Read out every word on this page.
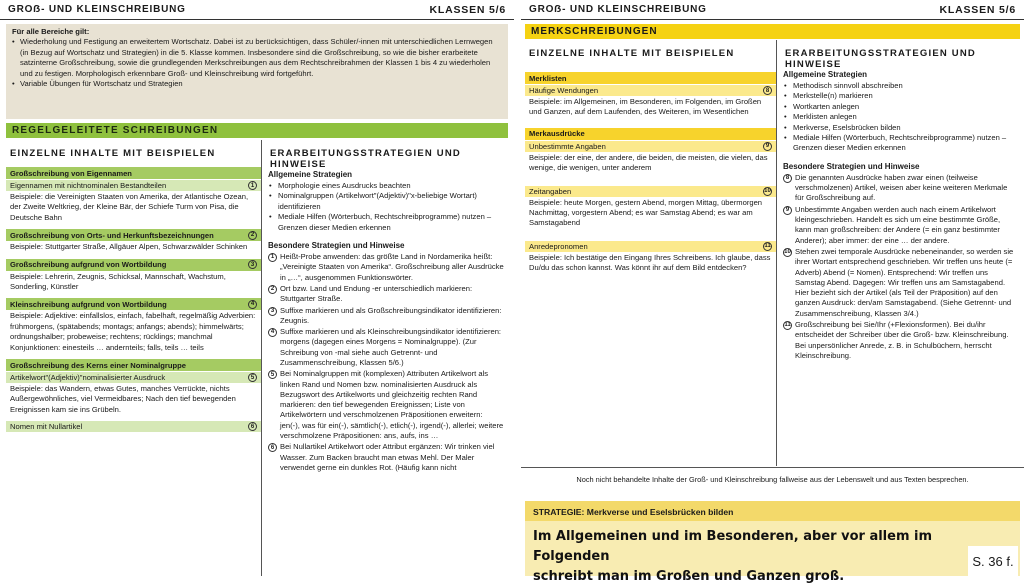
GROẞ- UND KLEINSCHREIBUNG	KLASSEN 5/6
Für alle Bereiche gilt:
• Wiederholung und Festigung an erweitertem Wortschatz. Dabei ist zu berücksichtigen, dass Schüler/-innen mit unterschiedlichen Lernwegen (in Bezug auf Wortschatz und Strategien) in die 5. Klasse kommen. Insbesondere sind die Großschreibung, so wie die bisher erarbeitete satzinterne Großschreibung, sowie die grundlegenden Merkschreibungen aus dem Rechtschreibrahmen der Klassen 1 bis 4 zu wiederholen und zu festigen. Morphologisch erkennbare Groß- und Kleinschreibung wird fortgeführt.
• Variable Übungen für Wortschatz und Strategien
REGELGELEITETE SCHREIBUNGEN
EINZELNE INHALTE MIT BEISPIELEN
Großschreibung von Eigennamen
Eigennamen mit nichtnominalen Bestandteilen	1
Beispiele: die Vereinigten Staaten von Amerika, der Atlantische Ozean, der Zweite Weltkrieg, der Kleine Bär, der Schiefe Turm von Pisa, die Deutsche Bahn
Großschreibung von Orts- und Herkunftsbezeichnungen	2
Beispiele: Stuttgarter Straße, Allgäuer Alpen, Schwarzwälder Schinken
Großschreibung aufgrund von Wortbildung	3
Beispiele: Lehrerin, Zeugnis, Schicksal, Mannschaft, Wachstum, Sonderling, Künstler
Kleinschreibung aufgrund von Wortbildung	4
Beispiele: Adjektive: einfallslos, einfach, fabelhaft, regelmäßig Adverbien: frühmorgens, (spätabends; montags; anfangs; abends); himmelwärts; ordnungshalber; probeweise; rechtens; rücklings; manchmal Konjunktionen: einesteils … andernteils; falls, teils … teils
Großschreibung des Kerns einer Nominalgruppe
Artikelwort"(Adjektiv)"nominalisierter Ausdruck	5
Beispiele: das Wandern, etwas Gutes, manches Verrückte, nichts Außergewöhnliches, viel Vermeidbares; Nach den tief bewegenden Ereignissen kam sie ins Grübeln.
Nomen mit Nullartikel	6
ERARBEITUNGSSTRATEGIEN UND HINWEISE
Allgemeine Strategien
• Morphologie eines Ausdrucks beachten
• Nominalgruppen (Artikelwort"(Adjektiv)"x-beliebige Wortart) identifizieren
• Mediale Hilfen (Wörterbuch, Rechtschreibprogramme) nutzen – Grenzen dieser Medien erkennen
Besondere Strategien und Hinweise
1 Heißt-Probe anwenden: das größte Land in Nordamerika heißt: „Vereinigte Staaten von Amerika“. Großschreibung aller Ausdrücke in „…“, ausgenommen Funktionswörter.
2 Ort bzw. Land und Endung -er unterschiedlich markieren: Stuttgarter Straße.
3 Suffixe markieren und als Großschreibungsindikator identifizieren: Zeugnis.
4 Suffixe markieren und als Kleinschreibungsindikator identifizieren: morgens (dagegen eines Morgens = Nominalgruppe). (Zur Schreibung von -mal siehe auch Getrennt- und Zusammenschreibung, Klassen 5/6.)
5 Bei Nominalgruppen mit (komplexen) Attributen Artikelwort als linken Rand und Nomen bzw. nominalisierten Ausdruck als Bezugswort des Artikelworts und gleichzeitig rechten Rand markieren: den tief bewegenden Ereignissen; Liste von Artikelwörtern und verschmolzenen Präpositionen erweitern: jen(-), was für ein(-), sämtlich(-), etlich(-), irgend(-), allerlei; weitere verschmolzene Präpositionen: ans, aufs, ins …
6 Bei Nullartikel Artikelwort oder Attribut ergänzen: Wir trinken viel Wasser. Zum Backen braucht man etwas Mehl. Der Maler verwendet gerne ein dunkles Rot. (Häufig kann nicht
GROẞ- UND KLEINSCHREIBUNG	KLASSEN 5/6
MERKSCHREIBUNGEN
EINZELNE INHALTE MIT BEISPIELEN
Merklisten
Häufige Wendungen	8
Beispiele: im Allgemeinen, im Besonderen, im Folgenden, im Großen und Ganzen, auf dem Laufenden, des Weiteren, im Wesentlichen
Merkausdrücke
Unbestimmte Angaben	9
Beispiele: der eine, der andere, die beiden, die meisten, die vielen, das wenige, die wenigen, unter anderem
Zeitangaben	10
Beispiele: heute Morgen, gestern Abend, morgen Mittag, übermorgen Nachmittag, vorgestern Abend; es war Samstag Abend; es war am Samstagabend
Anredepronomen	11
Beispiele: Ich bestätige den Eingang Ihres Schreibens. Ich glaube, dass Du/du das schon kannst. Was könnt ihr auf dem Bild entdecken?
ERARBEITUNGSSTRATEGIEN UND HINWEISE
Allgemeine Strategien
• Methodisch sinnvoll abschreiben
• Merkstelle(n) markieren
• Wortkarten anlegen
• Merklisten anlegen
• Merkverse, Eselsbrücken bilden
• Mediale Hilfen (Wörterbuch, Rechtschreibprogramme) nutzen – Grenzen dieser Medien erkennen
Besondere Strategien und Hinweise
8 Die genannten Ausdrücke haben zwar einen (teilweise verschmolzenen) Artikel, weisen aber keine weiteren Merkmale für Großschreibung auf.
9 Unbestimmte Angaben werden auch nach einem Artikelwort kleingeschrieben. Handelt es sich um eine bestimmte Größe, kann man großschreiben: der Andere (= ein ganz bestimmter Anderer); aber immer: der eine … der andere.
10 Stehen zwei temporale Ausdrücke nebeneinander, so werden sie ihrer Wortart entsprechend geschrieben. Wir treffen uns heute (= Adverb) Abend (= Nomen). Entsprechend: Wir treffen uns Samstag Abend. Dagegen: Wir treffen uns am Samstagabend. Hier bezieht sich der Artikel (als Teil der Präposition) auf den ganzen Ausdruck: den/am Samstagabend. (Siehe Getrennt- und Zusammenschreibung, Klassen 3/4.)
11 Großschreibung bei Sie/Ihr (+Flexionsformen). Bei du/ihr entscheidet der Schreiber über die Groß- bzw. Kleinschreibung. Bei unpersönlicher Anrede, z. B. in Schulbüchern, herrscht Kleinschreibung.
Noch nicht behandelte Inhalte der Groß- und Kleinschreibung fallweise aus der Lebenswelt und aus Texten besprechen.
STRATEGIE: Merkverse und Eselsbrücken bilden
Im Allgemeinen und im Besonderen, aber vor allem im Folgenden
schreibt man im Großen und Ganzen groß.
S. 36 f.
